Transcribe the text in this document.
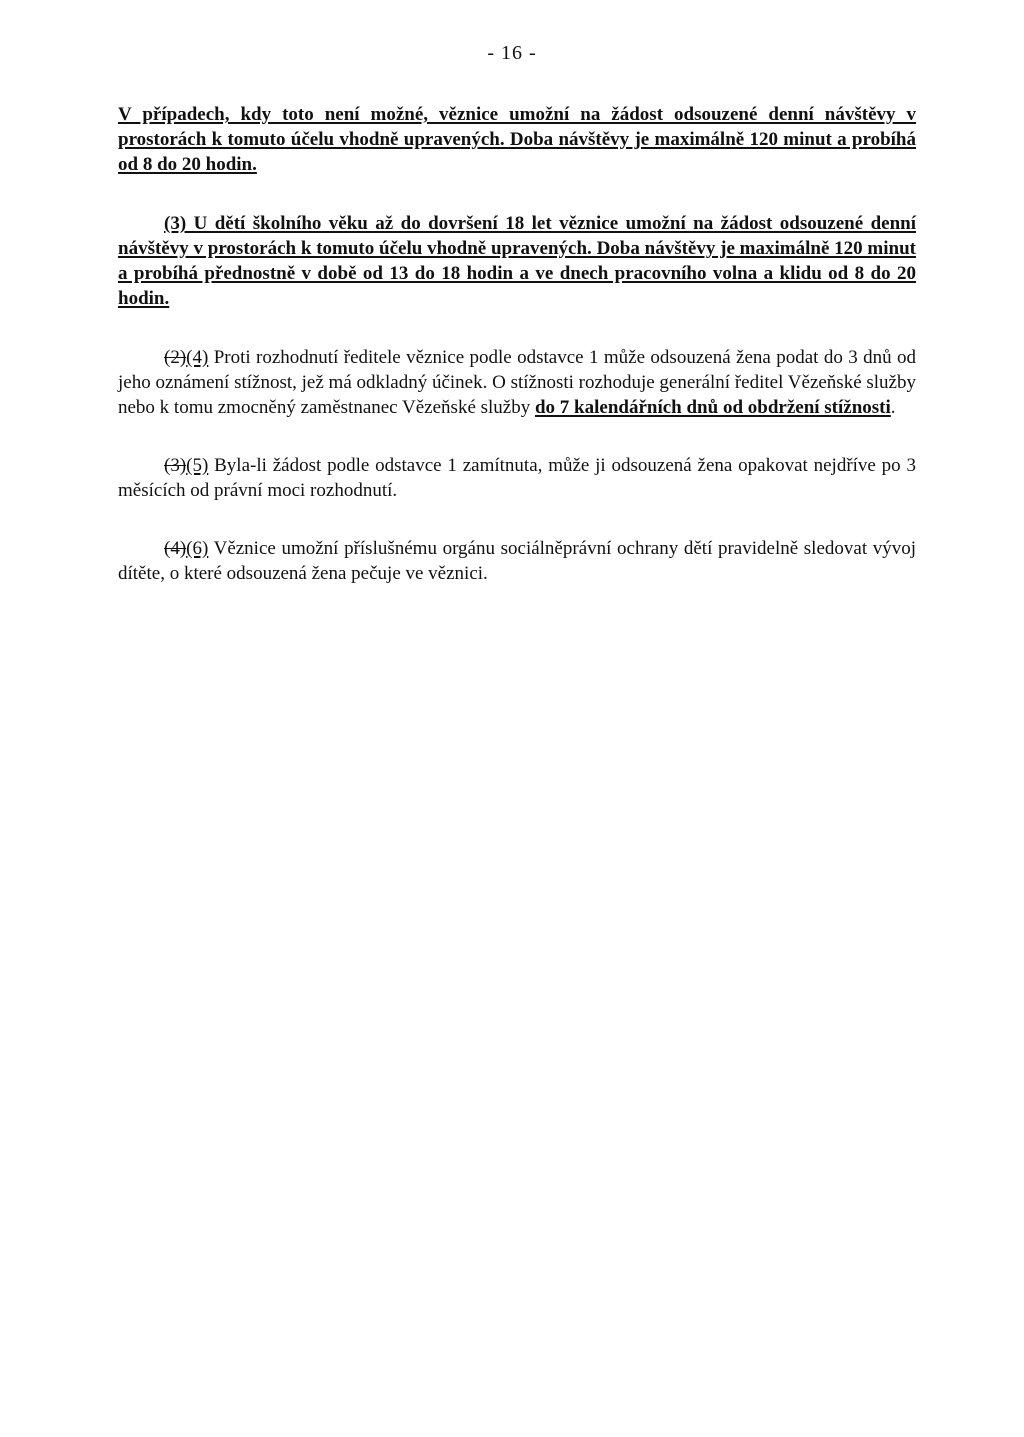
- 16 -

V případech, kdy toto není možné, věznice umožní na žádost odsouzené denní návštěvy v prostorách k tomuto účelu vhodně upravených. Doba návštěvy je maximálně 120 minut a probíhá od 8 do 20 hodin.

(3) U dětí školního věku až do dovršení 18 let věznice umožní na žádost odsouzené denní návštěvy v prostorách k tomuto účelu vhodně upravených. Doba návštěvy je maximálně 120 minut a probíhá přednostně v době od 13 do 18 hodin a ve dnech pracovního volna a klidu od 8 do 20 hodin.

(2)(4) Proti rozhodnutí ředitele věznice podle odstavce 1 může odsouzená žena podat do 3 dnů od jeho oznámení stížnost, jež má odkladný účinek. O stížnosti rozhoduje generální ředitel Vězeňské služby nebo k tomu zmocněný zaměstnanec Vězeňské služby do 7 kalendářních dnů od obdržení stížnosti.

(3)(5) Byla-li žádost podle odstavce 1 zamítnuta, může ji odsouzená žena opakovat nejdříve po 3 měsících od právní moci rozhodnutí.

(4)(6) Věznice umožní příslušnému orgánu sociálněprávní ochrany dětí pravidelně sledovat vývoj dítěte, o které odsouzená žena pečuje ve věznici.
